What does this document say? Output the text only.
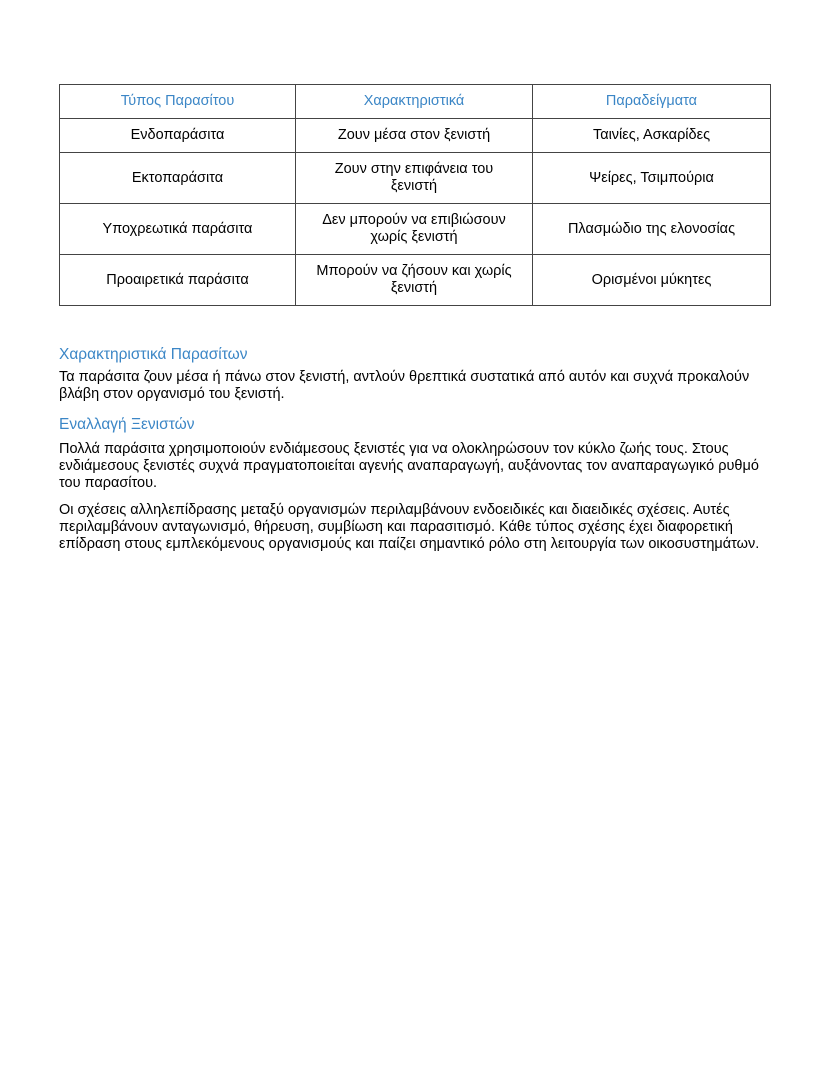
Τύπος Παρασίτου	Χαρακτηριστικά	Παραδείγματα
Ενδοπαράσιτα	Ζουν μέσα στον ξενιστή	Ταινίες, Ασκαρίδες
Εκτοπαράσιτα	Ζουν στην επιφάνεια του ξενιστή	Ψείρες, Τσιμπούρια
Υποχρεωτικά παράσιτα	Δεν μπορούν να επιβιώσουν χωρίς ξενιστή	Πλασμώδιο της ελονοσίας
Προαιρετικά παράσιτα	Μπορούν να ζήσουν και χωρίς ξενιστή	Ορισμένοι μύκητες
Χαρακτηριστικά Παρασίτων

Τα παράσιτα ζουν μέσα ή πάνω στον ξενιστή, αντλούν θρεπτικά συστατικά από αυτόν και συχνά προκαλούν βλάβη στον οργανισμό του ξενιστή.

Εναλλαγή Ξενιστών

Πολλά παράσιτα χρησιμοποιούν ενδιάμεσους ξενιστές για να ολοκληρώσουν τον κύκλο ζωής τους. Στους ενδιάμεσους ξενιστές συχνά πραγματοποιείται αγενής αναπαραγωγή, αυξάνοντας τον αναπαραγωγικό ρυθμό του παρασίτου.

Οι σχέσεις αλληλεπίδρασης μεταξύ οργανισμών περιλαμβάνουν ενδοειδικές και διαειδικές σχέσεις. Αυτές περιλαμβάνουν ανταγωνισμό, θήρευση, συμβίωση και παρασιτισμό. Κάθε τύπος σχέσης έχει διαφορετική επίδραση στους εμπλεκόμενους οργανισμούς και παίζει σημαντικό ρόλο στη λειτουργία των οικοσυστημάτων.
